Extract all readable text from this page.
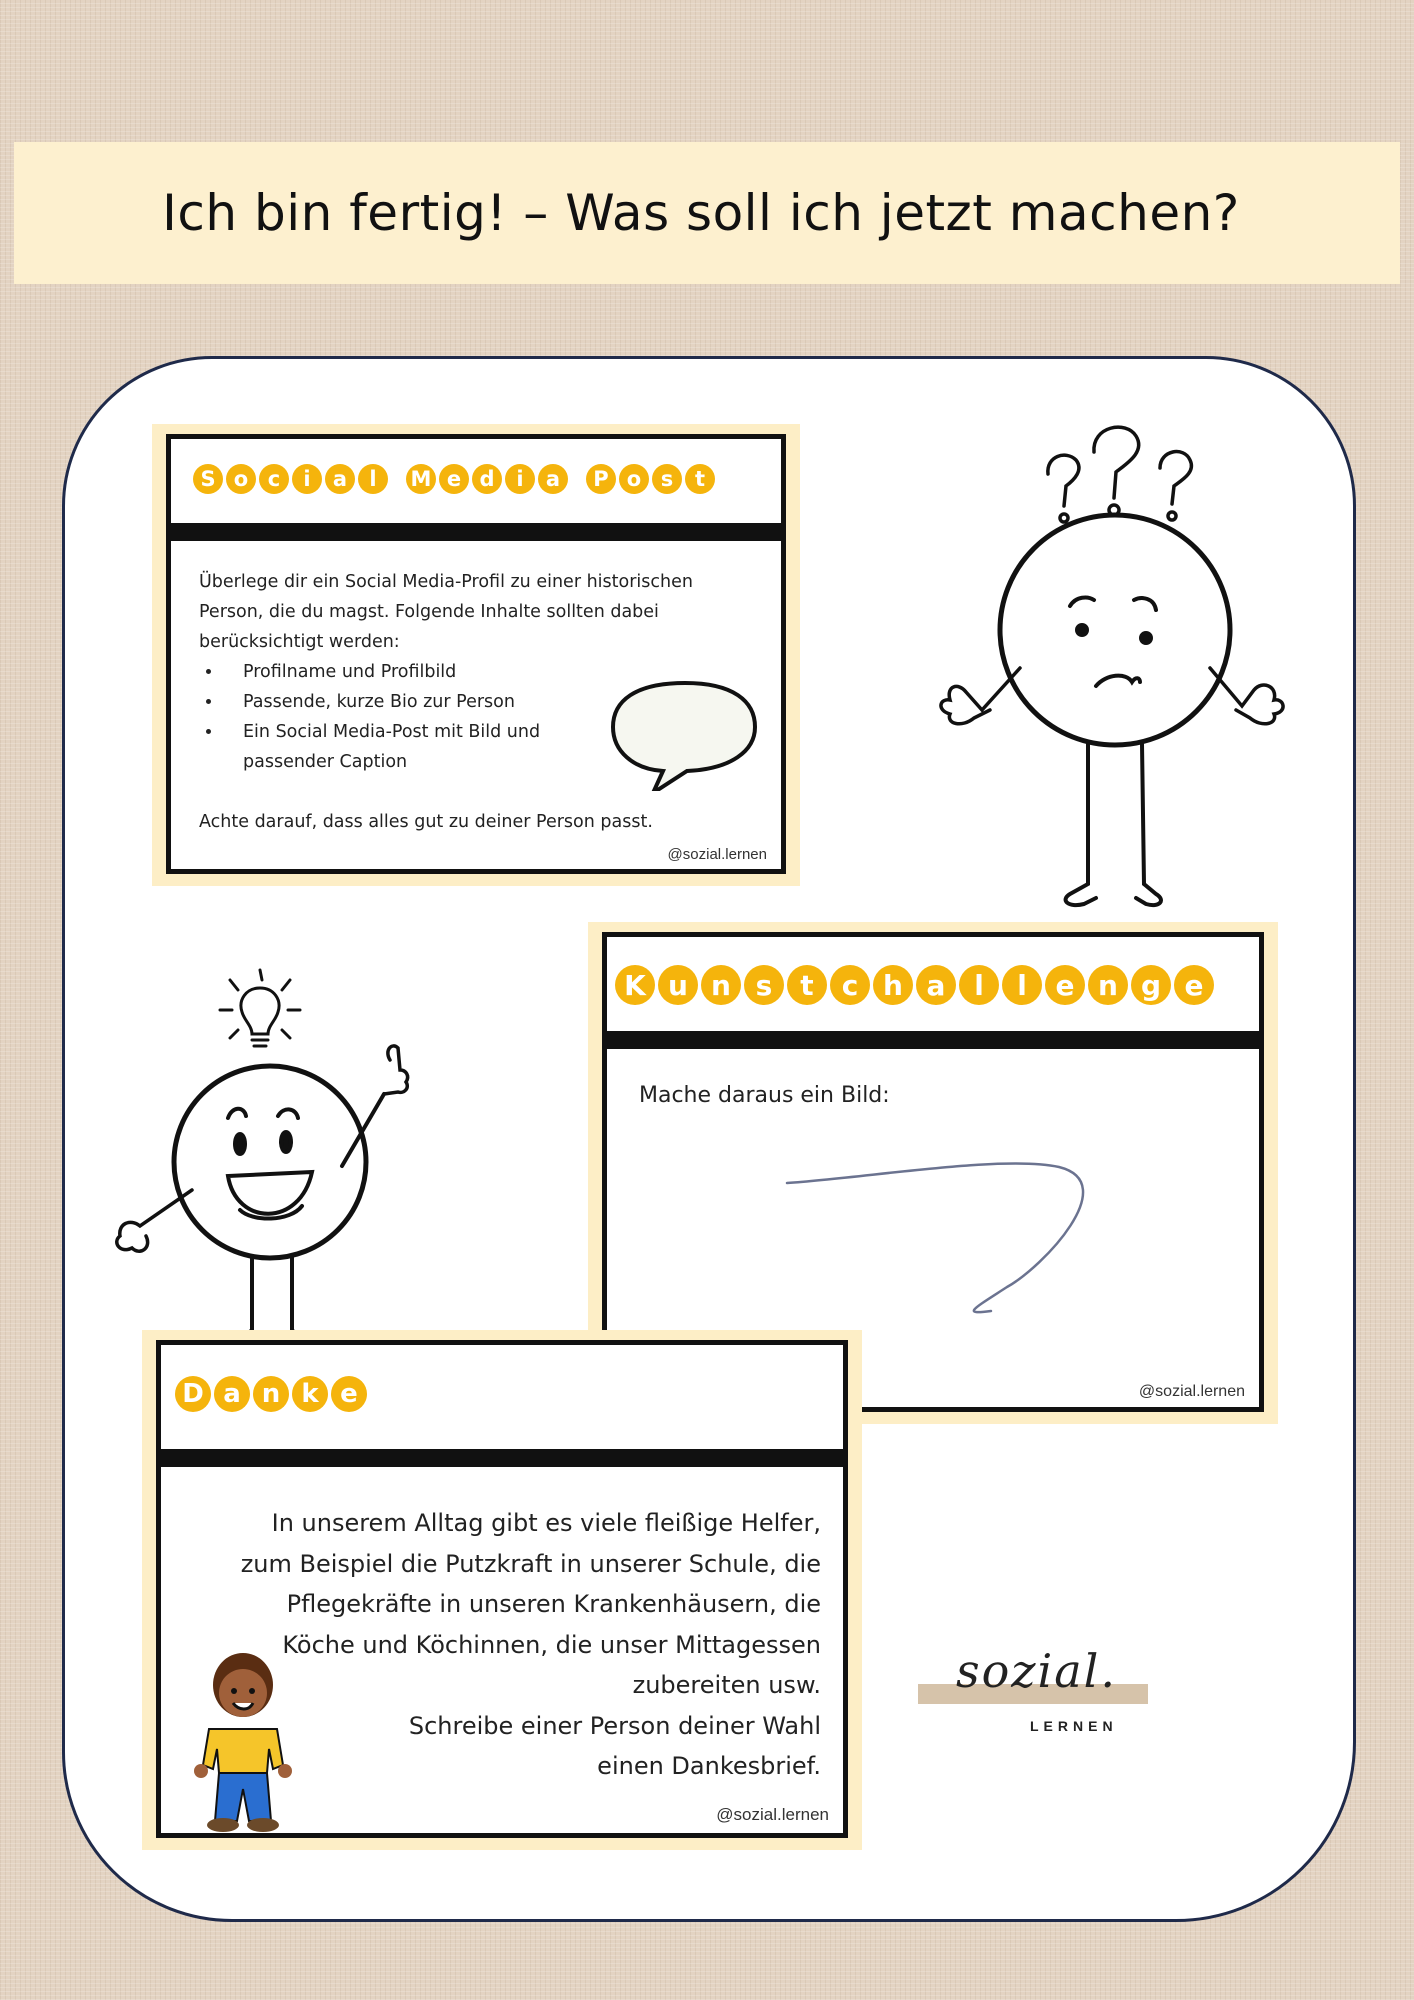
Ich bin fertig! – Was soll ich jetzt machen?
S o c	i	a	l	M e d	i	a	P o s	t
Überlege dir ein Social Media-Profil zu einer historischen Person, die du magst. Folgende Inhalte sollten dabei berücksichtigt werden:
• Profilname und Profilbild
• Passende, kurze Bio zur Person
• Ein Social Media-Post mit Bild und passender Caption
Achte darauf, dass alles gut zu deiner Person passt.
@sozial.lernen
K u n s t	c h a	l	l	e n g e
Mache daraus ein Bild:
@sozial.lernen
D a n k e
In unserem Alltag gibt es viele fleißige Helfer,
zum Beispiel die Putzkraft in unserer Schule, die
Pflegekräfte in unseren Krankenhäusern, die
Köche und Köchinnen, die unser Mittagessen
zubereiten usw.
Schreibe einer Person deiner Wahl
einen Dankesbrief.
@sozial.lernen
sozial.
LERNEN
